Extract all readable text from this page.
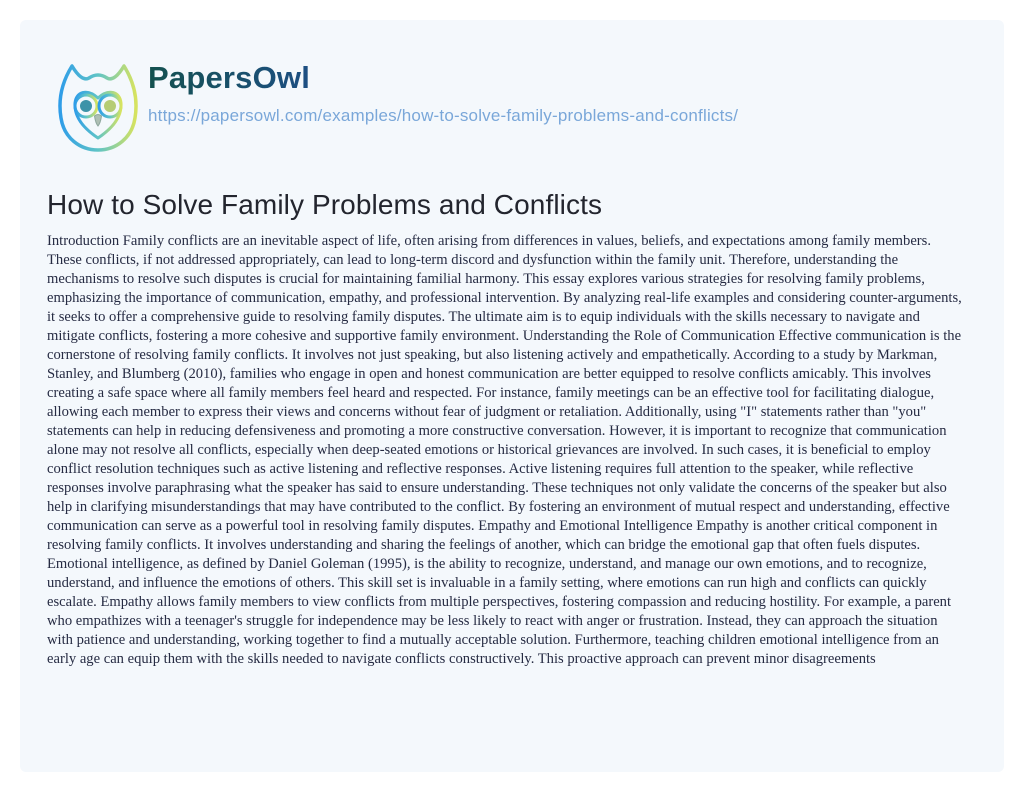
PapersOwl
https://papersowl.com/examples/how-to-solve-family-problems-and-conflicts/
How to Solve Family Problems and Conflicts

Introduction Family conflicts are an inevitable aspect of life, often arising from differences in values, beliefs, and expectations among family members. These conflicts, if not addressed appropriately, can lead to long-term discord and dysfunction within the family unit. Therefore, understanding the mechanisms to resolve such disputes is crucial for maintaining familial harmony. This essay explores various strategies for resolving family problems, emphasizing the importance of communication, empathy, and professional intervention. By analyzing real-life examples and considering counter-arguments, it seeks to offer a comprehensive guide to resolving family disputes. The ultimate aim is to equip individuals with the skills necessary to navigate and mitigate conflicts, fostering a more cohesive and supportive family environment. Understanding the Role of Communication Effective communication is the cornerstone of resolving family conflicts. It involves not just speaking, but also listening actively and empathetically. According to a study by Markman, Stanley, and Blumberg (2010), families who engage in open and honest communication are better equipped to resolve conflicts amicably. This involves creating a safe space where all family members feel heard and respected. For instance, family meetings can be an effective tool for facilitating dialogue, allowing each member to express their views and concerns without fear of judgment or retaliation. Additionally, using "I" statements rather than "you" statements can help in reducing defensiveness and promoting a more constructive conversation. However, it is important to recognize that communication alone may not resolve all conflicts, especially when deep-seated emotions or historical grievances are involved. In such cases, it is beneficial to employ conflict resolution techniques such as active listening and reflective responses. Active listening requires full attention to the speaker, while reflective responses involve paraphrasing what the speaker has said to ensure understanding. These techniques not only validate the concerns of the speaker but also help in clarifying misunderstandings that may have contributed to the conflict. By fostering an environment of mutual respect and understanding, effective communication can serve as a powerful tool in resolving family disputes. Empathy and Emotional Intelligence Empathy is another critical component in resolving family conflicts. It involves understanding and sharing the feelings of another, which can bridge the emotional gap that often fuels disputes. Emotional intelligence, as defined by Daniel Goleman (1995), is the ability to recognize, understand, and manage our own emotions, and to recognize, understand, and influence the emotions of others. This skill set is invaluable in a family setting, where emotions can run high and conflicts can quickly escalate. Empathy allows family members to view conflicts from multiple perspectives, fostering compassion and reducing hostility. For example, a parent who empathizes with a teenager's struggle for independence may be less likely to react with anger or frustration. Instead, they can approach the situation with patience and understanding, working together to find a mutually acceptable solution. Furthermore, teaching children emotional intelligence from an early age can equip them with the skills needed to navigate conflicts constructively. This proactive approach can prevent minor disagreements
